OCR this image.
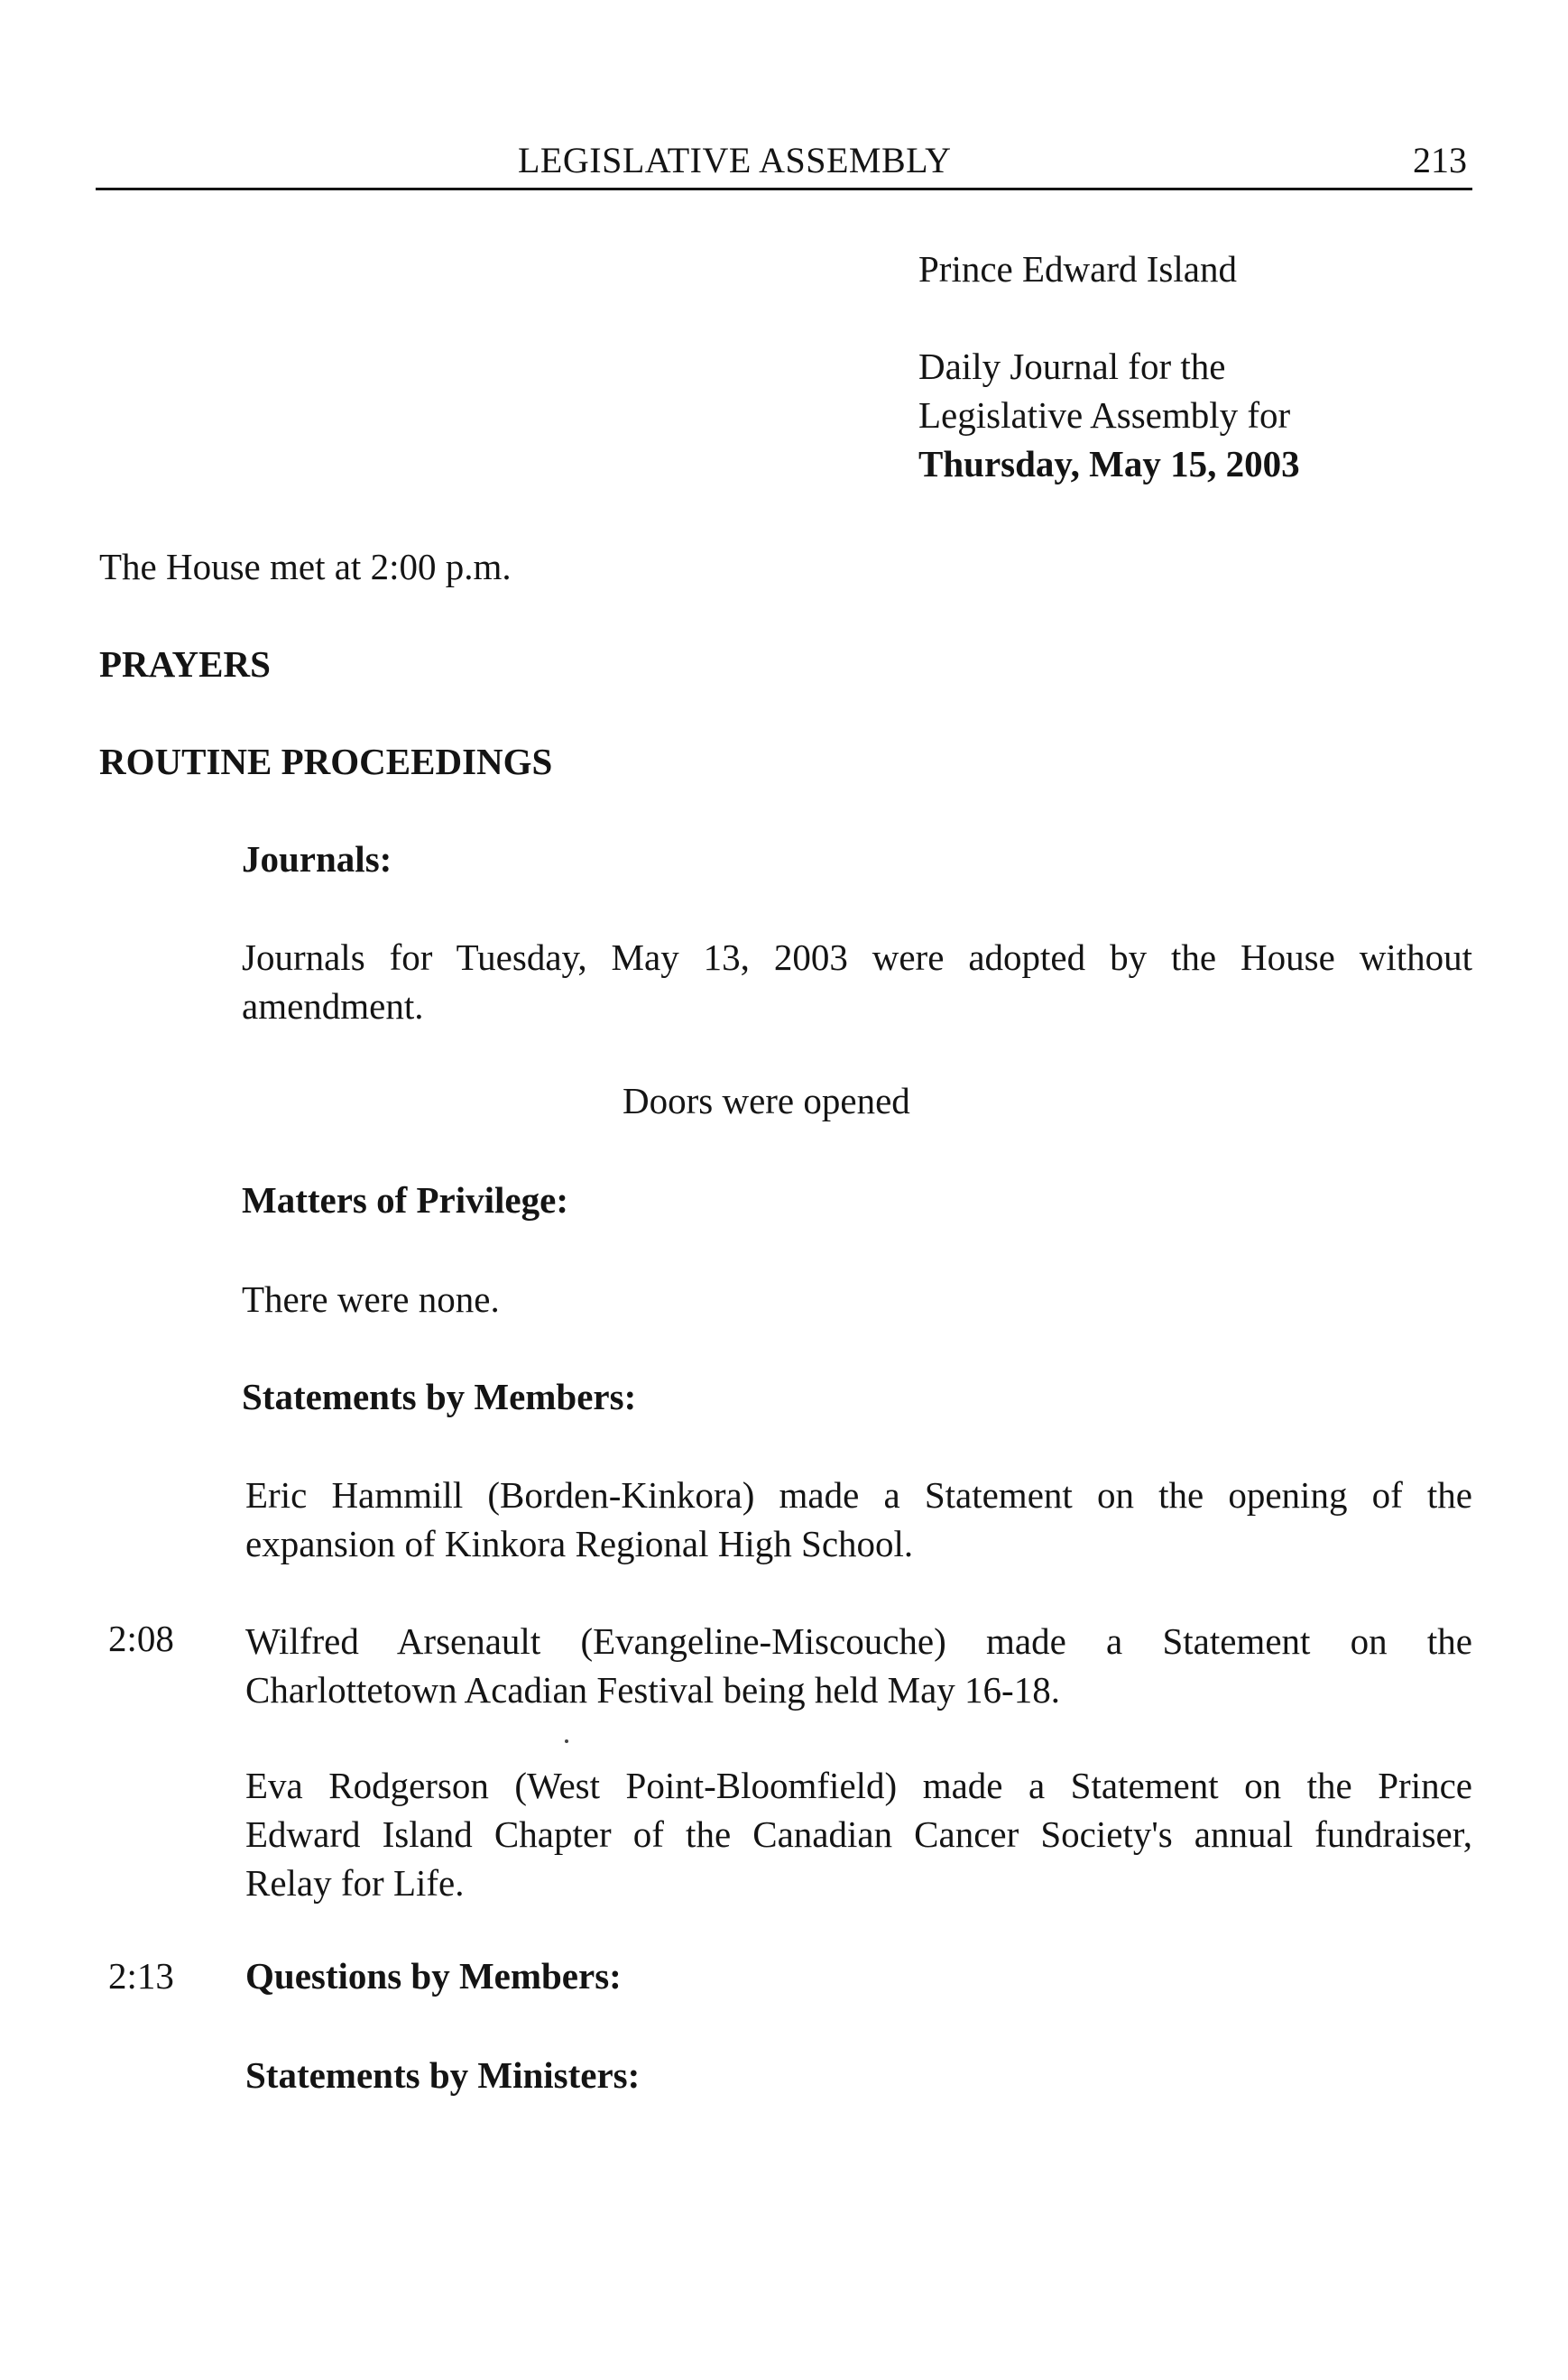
LEGISLATIVE ASSEMBLY	213
Prince Edward Island
Daily Journal for the
Legislative Assembly for
Thursday, May 15, 2003
The House met at 2:00 p.m.
PRAYERS
ROUTINE PROCEEDINGS
Journals:
Journals for Tuesday, May 13, 2003 were adopted by the House without
amendment.
Doors were opened
Matters of Privilege:
There were none.
Statements by Members:
Eric Hammill (Borden-Kinkora) made a Statement on the opening of the
expansion of Kinkora Regional High School.
2:08 Wilfred Arsenault (Evangeline-Miscouche) made a Statement on the
Charlottetown Acadian Festival being held May 16-18.
Eva Rodgerson (West Point-Bloomfield) made a Statement on the Prince
Edward Island Chapter of the Canadian Cancer Society's annual fundraiser,
Relay for Life.
2:13 Questions by Members:
Statements by Ministers:
